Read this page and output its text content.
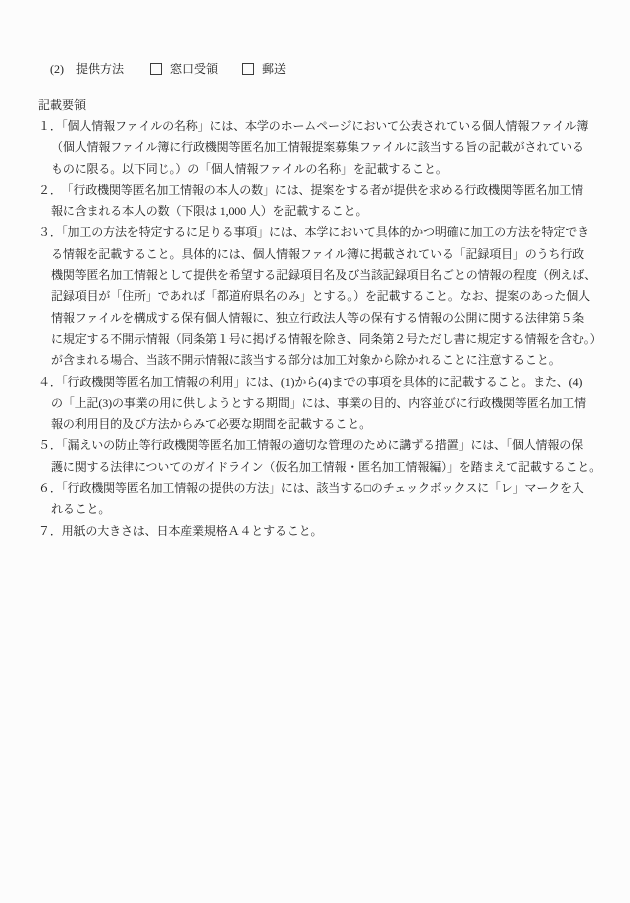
(2) 提供方法	窓口受領	郵送
記載要領
１．「個人情報ファイルの名称」には、本学のホームページにおいて公表されている個人情報ファイル簿
（個人情報ファイル簿に行政機関等匿名加工情報提案募集ファイルに該当する旨の記載がされている
ものに限る。以下同じ。）の「個人情報ファイルの名称」を記載すること。
２．　「行政機関等匿名加工情報の本人の数」には、提案をする者が提供を求める行政機関等匿名加工情
報に含まれる本人の数（下限は 1,000 人）を記載すること。
３．「加工の方法を特定するに足りる事項」には、本学において具体的かつ明確に加工の方法を特定でき
る情報を記載すること。具体的には、個人情報ファイル簿に掲載されている「記録項目」のうち行政
機関等匿名加工情報として提供を希望する記録項目名及び当該記録項目名ごとの情報の程度（例えば、
記録項目が「住所」であれば「都道府県名のみ」とする。）を記載すること。なお、提案のあった個人
情報ファイルを構成する保有個人情報に、独立行政法人等の保有する情報の公開に関する法律第５条
に規定する不開示情報（同条第１号に掲げる情報を除き、同条第２号ただし書に規定する情報を含む。）
が含まれる場合、当該不開示情報に該当する部分は加工対象から除かれることに注意すること。
４．「行政機関等匿名加工情報の利用」には、(1)から(4)までの事項を具体的に記載すること。また、(4)
の「上記(3)の事業の用に供しようとする期間」には、事業の目的、内容並びに行政機関等匿名加工情
報の利用目的及び方法からみて必要な期間を記載すること。
５．「漏えいの防止等行政機関等匿名加工情報の適切な管理のために講ずる措置」には、「個人情報の保
護に関する法律についてのガイドライン（仮名加工情報・匿名加工情報編）」を踏まえて記載すること。
６．「行政機関等匿名加工情報の提供の方法」には、該当する□のチェックボックスに「レ」マークを入
れること。
７．用紙の大きさは、日本産業規格Ａ４とすること。
